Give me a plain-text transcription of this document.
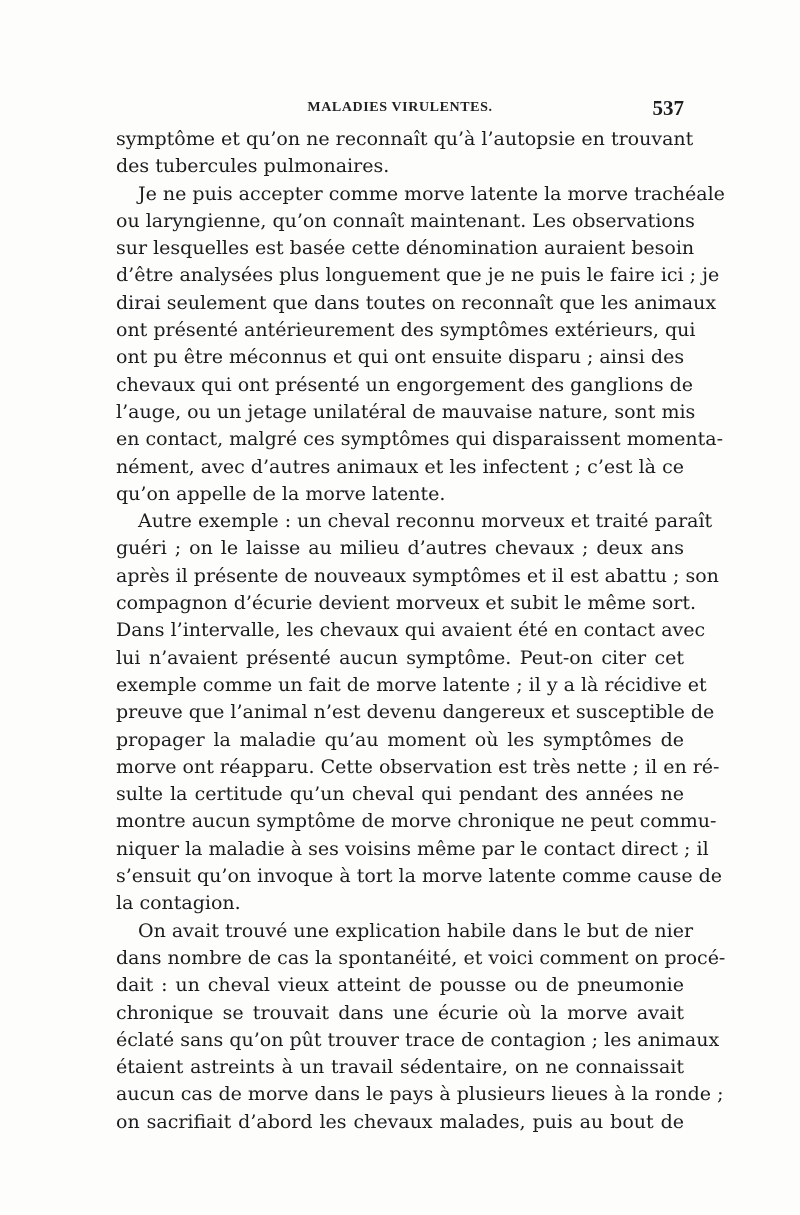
MALADIES VIRULENTES.	537
symptôme et qu’on ne reconnaît qu’à l’autopsie en trouvant
des tubercules pulmonaires.
Je ne puis accepter comme morve latente la morve trachéale
ou laryngienne, qu’on connaît maintenant. Les observations
sur lesquelles est basée cette dénomination auraient besoin
d’être analysées plus longuement que je ne puis le faire ici ; je
dirai seulement que dans toutes on reconnaît que les animaux
ont présenté antérieurement des symptômes extérieurs, qui
ont pu être méconnus et qui ont ensuite disparu ; ainsi des
chevaux qui ont présenté un engorgement des ganglions de
l’auge, ou un jetage unilatéral de mauvaise nature, sont mis
en contact, malgré ces symptômes qui disparaissent momenta-
nément, avec d’autres animaux et les infectent ; c’est là ce
qu’on appelle de la morve latente.
Autre exemple : un cheval reconnu morveux et traité paraît
guéri ; on le laisse au milieu d’autres chevaux ; deux ans
après il présente de nouveaux symptômes et il est abattu ; son
compagnon d’écurie devient morveux et subit le même sort.
Dans l’intervalle, les chevaux qui avaient été en contact avec
lui n’avaient présenté aucun symptôme. Peut-on citer cet
exemple comme un fait de morve latente ; il y a là récidive et
preuve que l’animal n’est devenu dangereux et susceptible de
propager la maladie qu’au moment où les symptômes de
morve ont réapparu. Cette observation est très nette ; il en ré-
sulte la certitude qu’un cheval qui pendant des années ne
montre aucun symptôme de morve chronique ne peut commu-
niquer la maladie à ses voisins même par le contact direct ; il
s’ensuit qu’on invoque à tort la morve latente comme cause de
la contagion.
On avait trouvé une explication habile dans le but de nier
dans nombre de cas la spontanéité, et voici comment on procé-
dait : un cheval vieux atteint de pousse ou de pneumonie
chronique se trouvait dans une écurie où la morve avait
éclaté sans qu’on pût trouver trace de contagion ; les animaux
étaient astreints à un travail sédentaire, on ne connaissait
aucun cas de morve dans le pays à plusieurs lieues à la ronde ;
on sacrifiait d’abord les chevaux malades, puis au bout de
